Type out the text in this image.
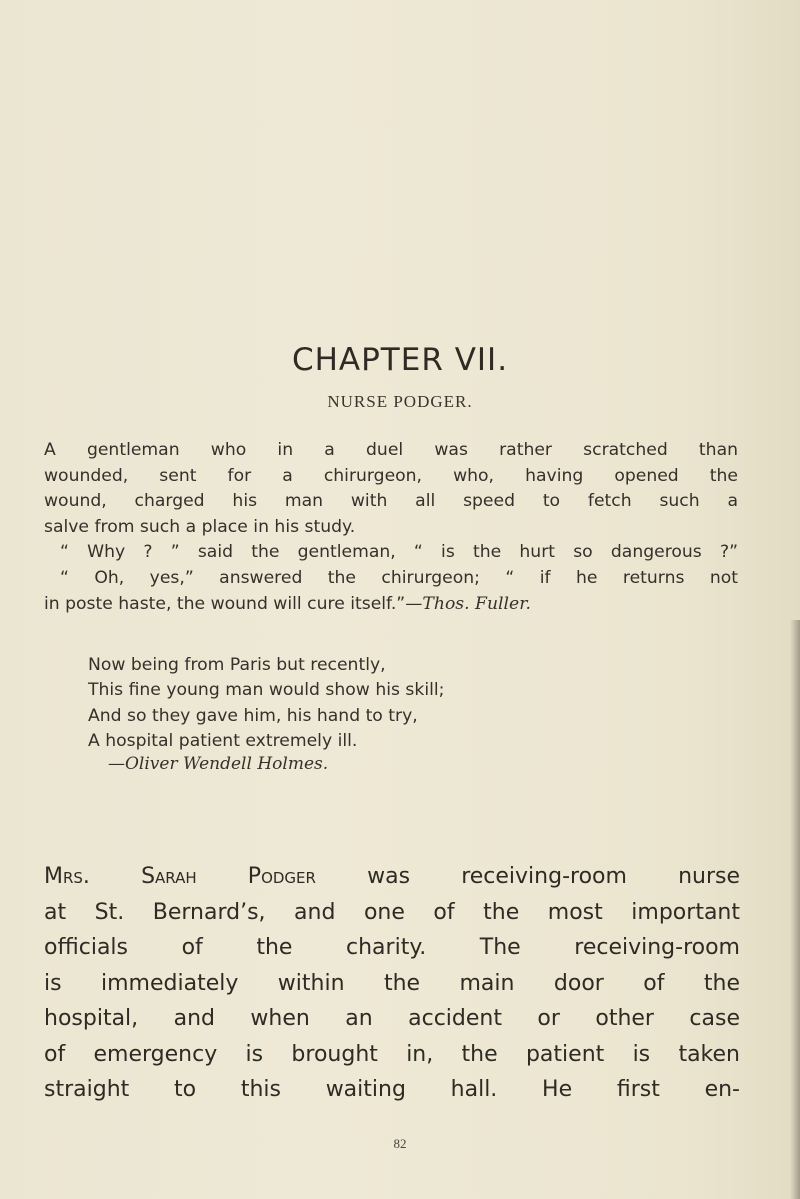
CHAPTER VII.
NURSE PODGER.

A gentleman who in a duel was rather scratched than

wounded, sent for a chirurgeon, who, having opened the

wound, charged his man with all speed to fetch such a

salve from such a place in his study.

“ Why ? ” said the gentleman, “ is the hurt so dangerous ?”

“ Oh, yes,” answered the chirurgeon; “ if he returns not

in poste haste, the wound will cure itself.”—Thos. Fuller.

Now being from Paris but recently,
This fine young man would show his skill;
And so they gave him, his hand to try,
A hospital patient extremely ill.
—Oliver Wendell Holmes.
Mrs. Sarah Podger was receiving-room nurse
at St. Bernard’s, and one of the most important
officials of the charity. The receiving-room
is immediately within the main door of the
hospital, and when an accident or other case
of emergency is brought in, the patient is taken
straight to this waiting hall. He first en-
82
